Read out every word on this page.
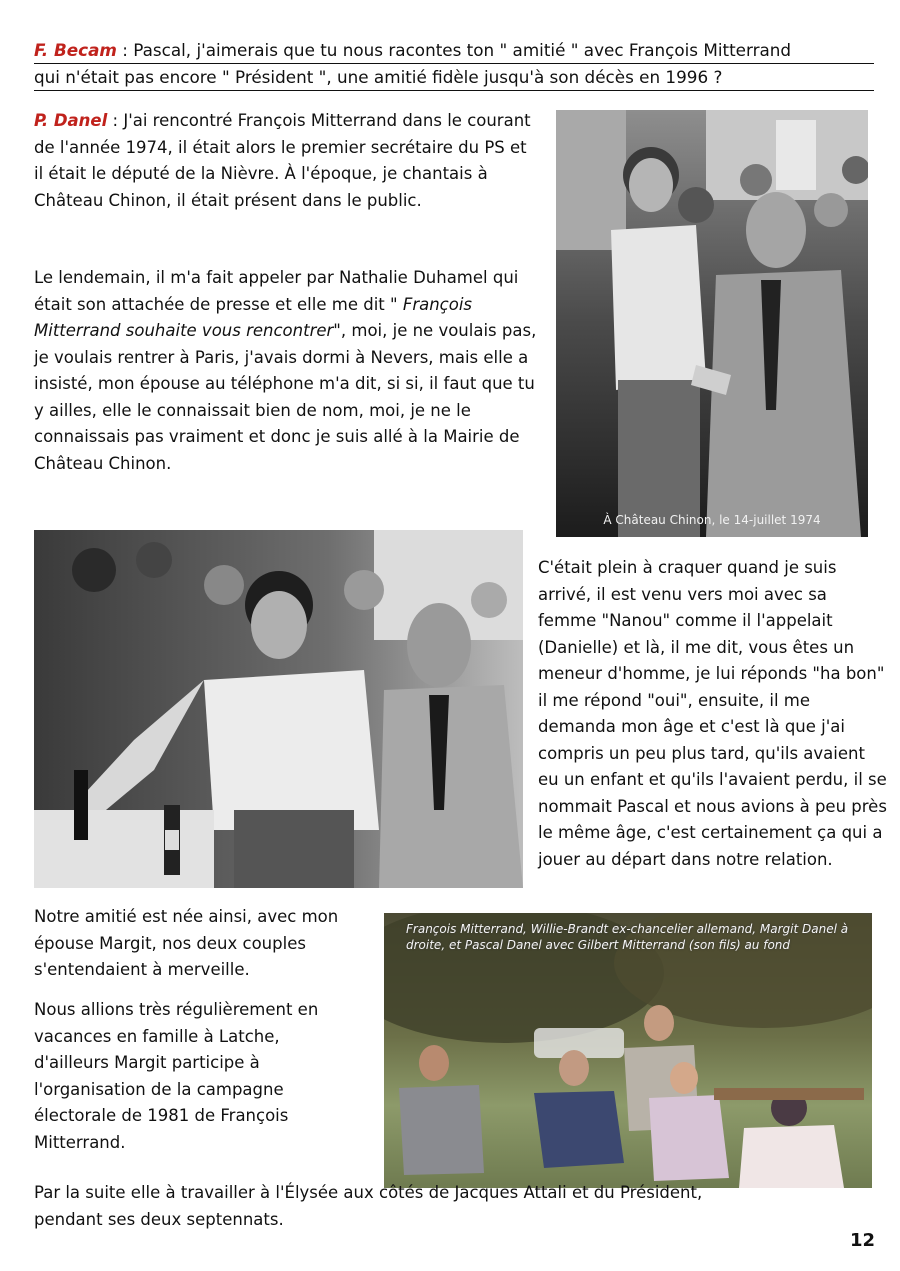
F. Becam : Pascal, j'aimerais que tu nous racontes ton " amitié " avec François Mitterrand
qui n'était pas encore " Président ", une amitié fidèle jusqu'à son décès en 1996 ?

P. Danel : J'ai rencontré François Mitterrand dans le courant de l'année 1974, il était alors le premier secrétaire du PS et il était le député de la Nièvre. À l'époque, je chantais à Château Chinon, il était présent dans le public.

Le lendemain, il m'a fait appeler par Nathalie Duhamel qui était son attachée de presse et elle me dit " François Mitterrand souhaite vous rencontrer", moi, je ne voulais pas, je voulais rentrer à Paris, j'avais dormi à Nevers, mais elle a insisté, mon épouse au téléphone m'a dit, si si, il faut que tu y ailles, elle le connaissait bien de nom, moi, je ne le connaissais pas vraiment et donc je suis allé à la Mairie de Château Chinon.

À Château Chinon, le 14-juillet 1974

C'était plein à craquer quand je suis arrivé, il est venu vers moi avec sa femme "Nanou" comme il l'appelait (Danielle) et là, il me dit, vous êtes un meneur d'homme, je lui réponds "ha bon" il me répond "oui", ensuite, il me demanda mon âge et c'est là que j'ai compris un peu plus tard, qu'ils avaient eu un enfant et qu'ils l'avaient perdu, il se nommait Pascal et nous avions à peu près le même âge, c'est certainement ça qui a jouer au départ dans notre relation.

Notre amitié est née ainsi, avec mon épouse Margit, nos deux couples s'entendaient à merveille.

Nous allions très régulièrement en vacances en famille à Latche, d'ailleurs Margit participe à l'organisation de la campagne électorale de 1981 de François Mitterrand.

François Mitterrand, Willie-Brandt ex-chancelier allemand, Margit Danel à droite, et Pascal Danel avec Gilbert Mitterrand (son fils) au fond

Par la suite elle à travailler à l'Élysée aux côtés de Jacques Attali et du Président, pendant ses deux septennats.

12
